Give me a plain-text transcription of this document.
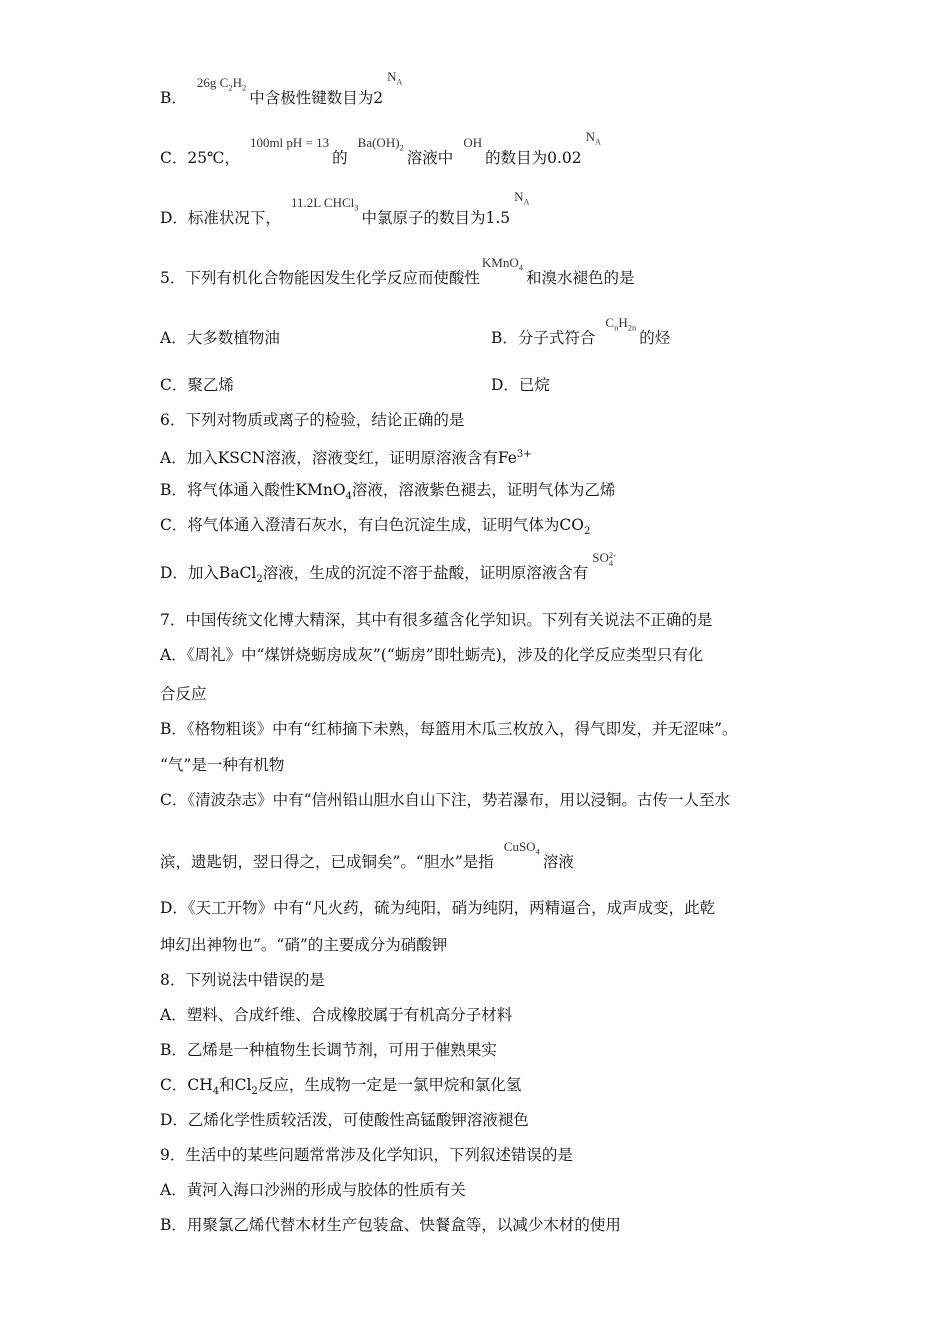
B．26g $C_2H_2$中含极性键数目为$2N_A$
C．25℃，100ml pH = 13的$Ba(OH)_2$溶液中OH的数目为$0.02N_A$
D．标准状况下，11.2L CHCl$_3$中氯原子的数目为$1.5N_A$
5．下列有机化合物能因发生化学反应而使酸性KMnO$_4$和溴水褪色的是
A．大多数植物油	B．分子式符合$C_nH_{2n}$的烃
C．聚乙烯	D．已烷
6．下列对物质或离子的检验，结论正确的是
A．加入KSCN溶液，溶液变红，证明原溶液含有$Fe^{3+}$
B．将气体通入酸性KMnO$_4$溶液，溶液紫色褪去，证明气体为乙烯
C．将气体通入澄清石灰水，有白色沉淀生成，证明气体为$CO_2$
D．加入BaCl$_2$溶液，生成的沉淀不溶于盐酸，证明原溶液含有SO 2-
4
7．中国传统文化博大精深，其中有很多蕴含化学知识。下列有关说法不正确的是
A．《周礼》中“煤饼烧蛎房成灰”(“蛎房”即牡蛎壳)，涉及的化学反应类型只有化
合反应
B．《格物粗谈》中有“红柿摘下未熟，每篮用木瓜三枚放入，得气即发，并无涩味”。
“气”是一种有机物
C．《清波杂志》中有“信州铅山胆水自山下注，势若瀑布，用以浸铜。古传一人至水
滨，遗匙钥，翌日得之，已成铜矣”。“胆水”是指CuSO$_4$溶液
D．《天工开物》中有“凡火药，硫为纯阳，硝为纯阴，两精逼合，成声成变，此乾
坤幻出神物也”。“硝”的主要成分为硝酸钾
8．下列说法中错误的是
A．塑料、合成纤维、合成橡胶属于有机高分子材料
B．乙烯是一种植物生长调节剂，可用于催熟果实
C．$CH_4$和$Cl_2$反应，生成物一定是一氯甲烷和氯化氢
D．乙烯化学性质较活泼，可使酸性高锰酸钾溶液褪色
9．生活中的某些问题常常涉及化学知识，下列叙述错误的是
A．黄河入海口沙洲的形成与胶体的性质有关
B．用聚氯乙烯代替木材生产包装盒、快餐盒等，以减少木材的使用
